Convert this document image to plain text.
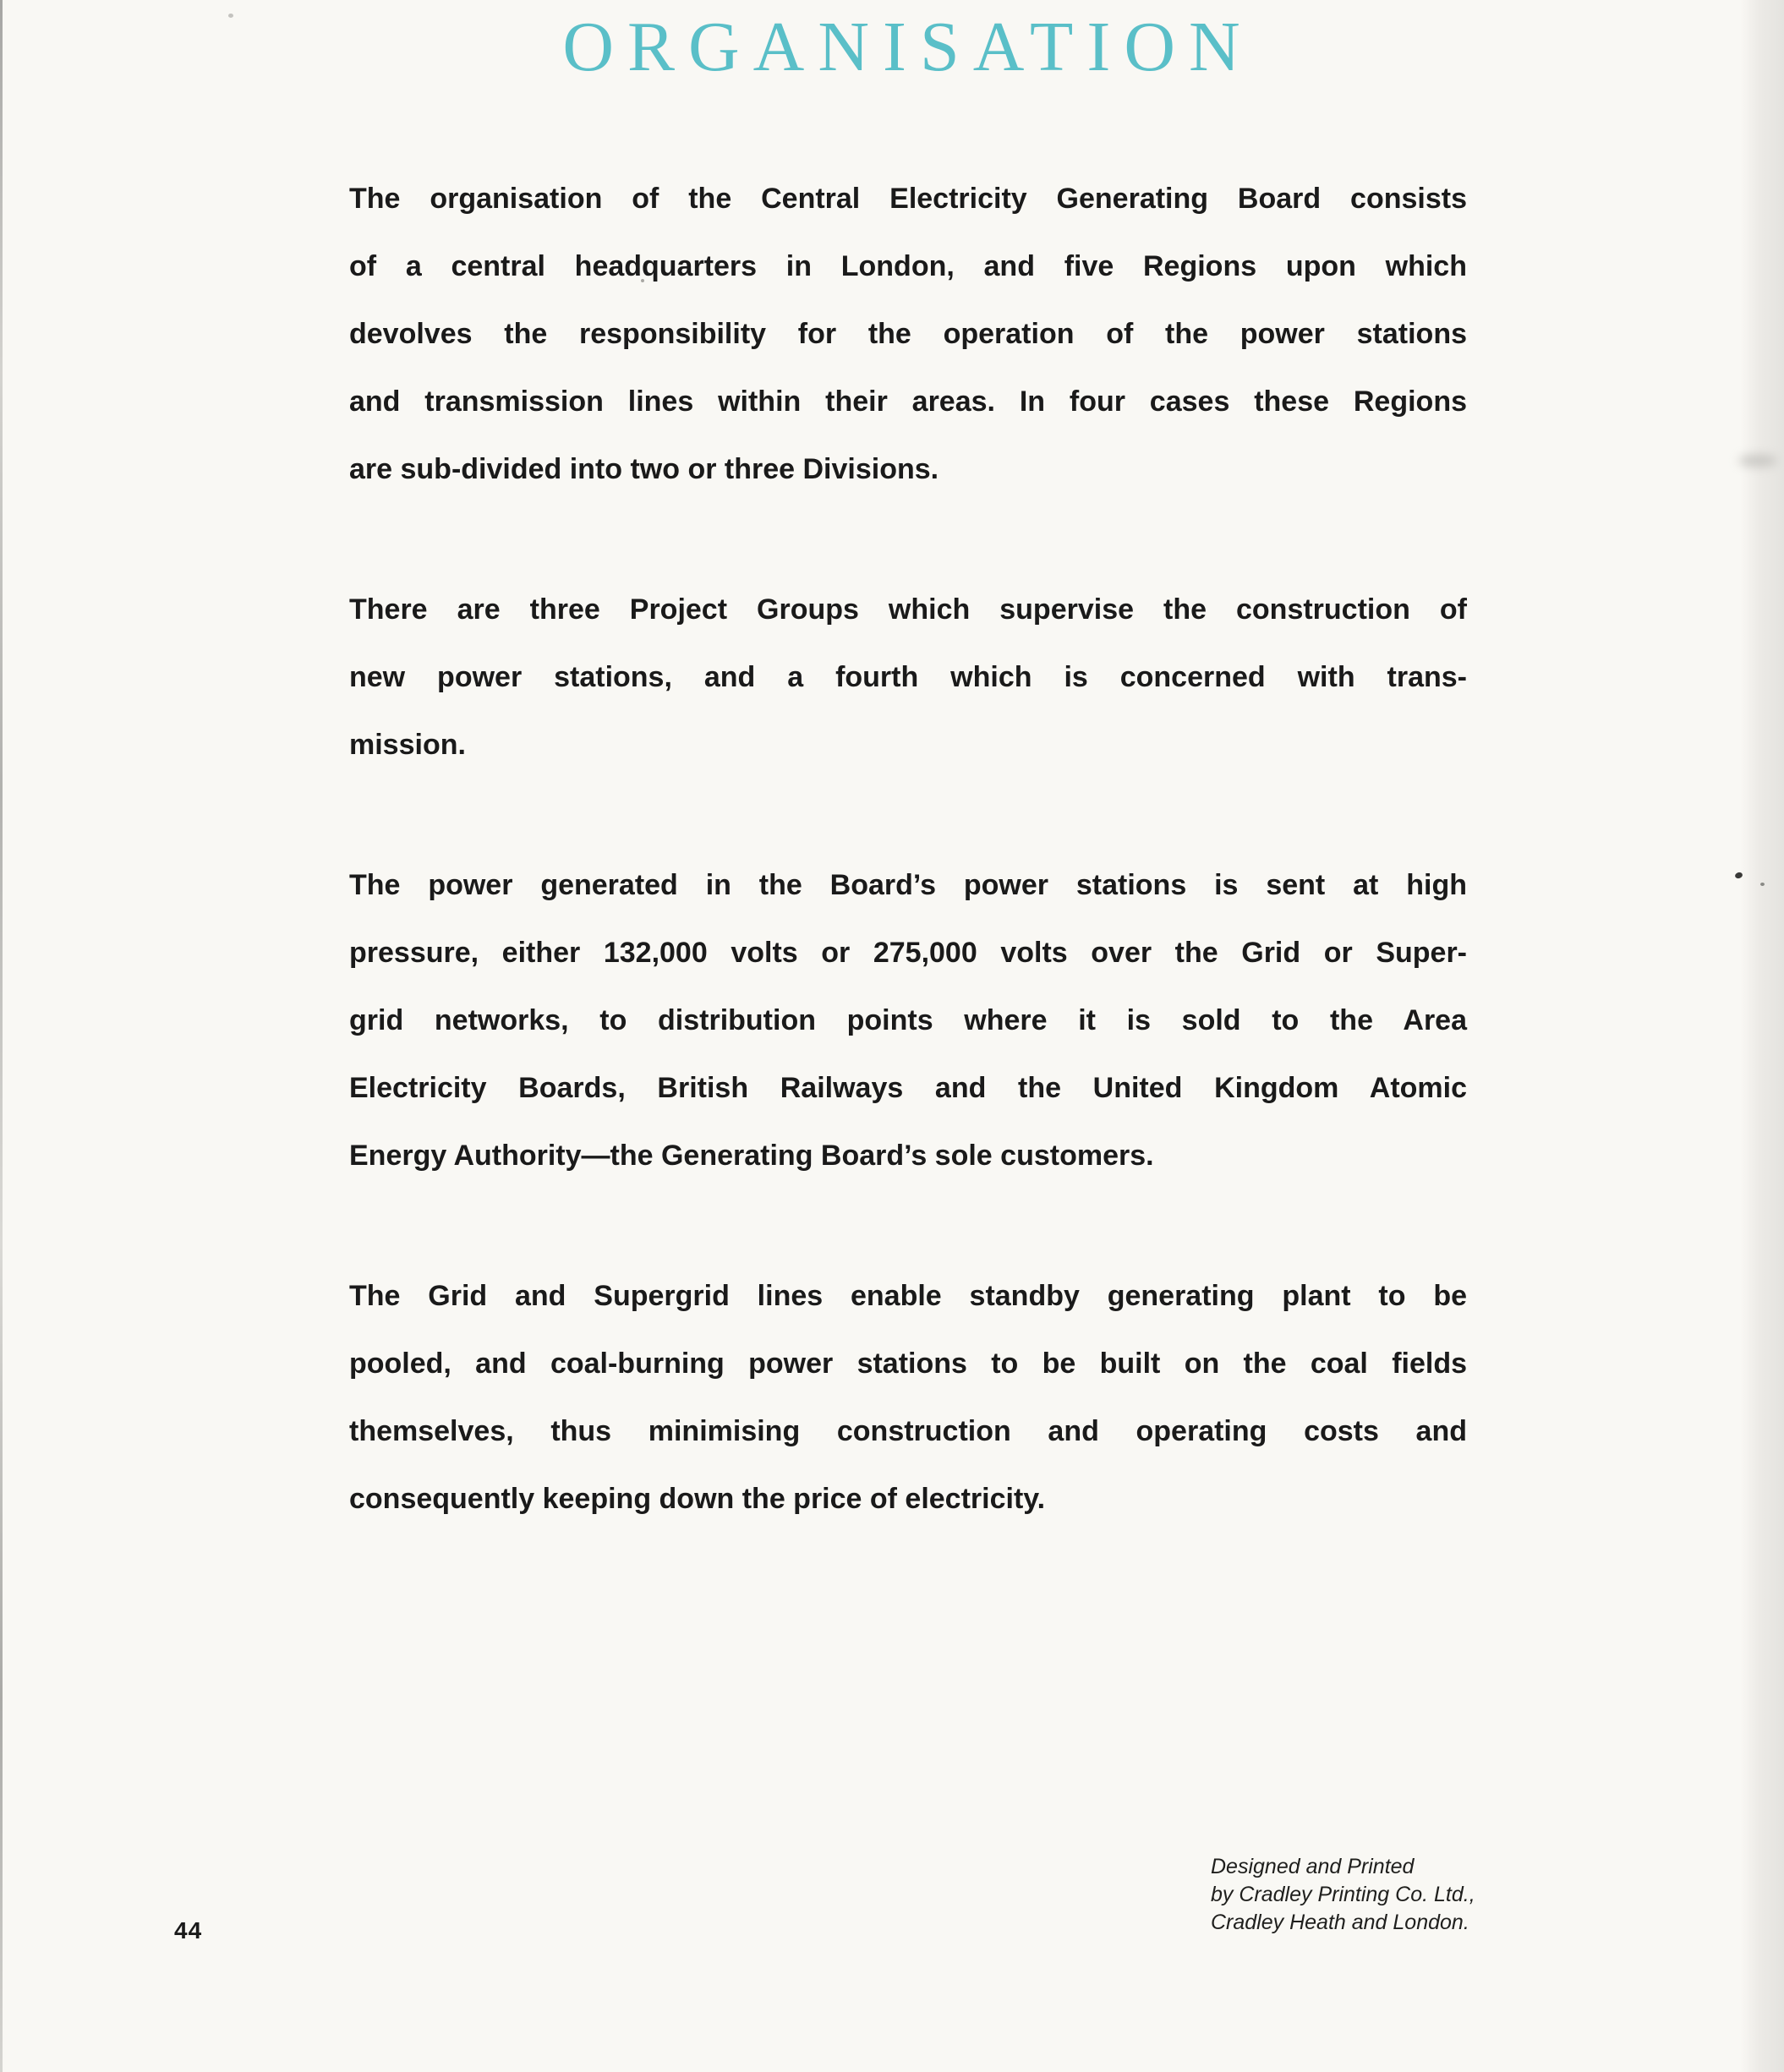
ORGANISATION
The organisation of the Central Electricity Generating Board consists
of a central headquarters in London, and five Regions upon which
devolves the responsibility for the operation of the power stations
and transmission lines within their areas. In four cases these Regions
are sub-divided into two or three Divisions.
There are three Project Groups which supervise the construction of
new power stations, and a fourth which is concerned with trans-
mission.
The power generated in the Board’s power stations is sent at high
pressure, either 132,000 volts or 275,000 volts over the Grid or Super-
grid networks, to distribution points where it is sold to the Area
Electricity Boards, British Railways and the United Kingdom Atomic
Energy Authority—the Generating Board’s sole customers.
The Grid and Supergrid lines enable standby generating plant to be
pooled, and coal-burning power stations to be built on the coal fields
themselves, thus minimising construction and operating costs and
consequently keeping down the price of electricity.
Designed and Printed
by Cradley Printing Co. Ltd.,
Cradley Heath and London.
44
